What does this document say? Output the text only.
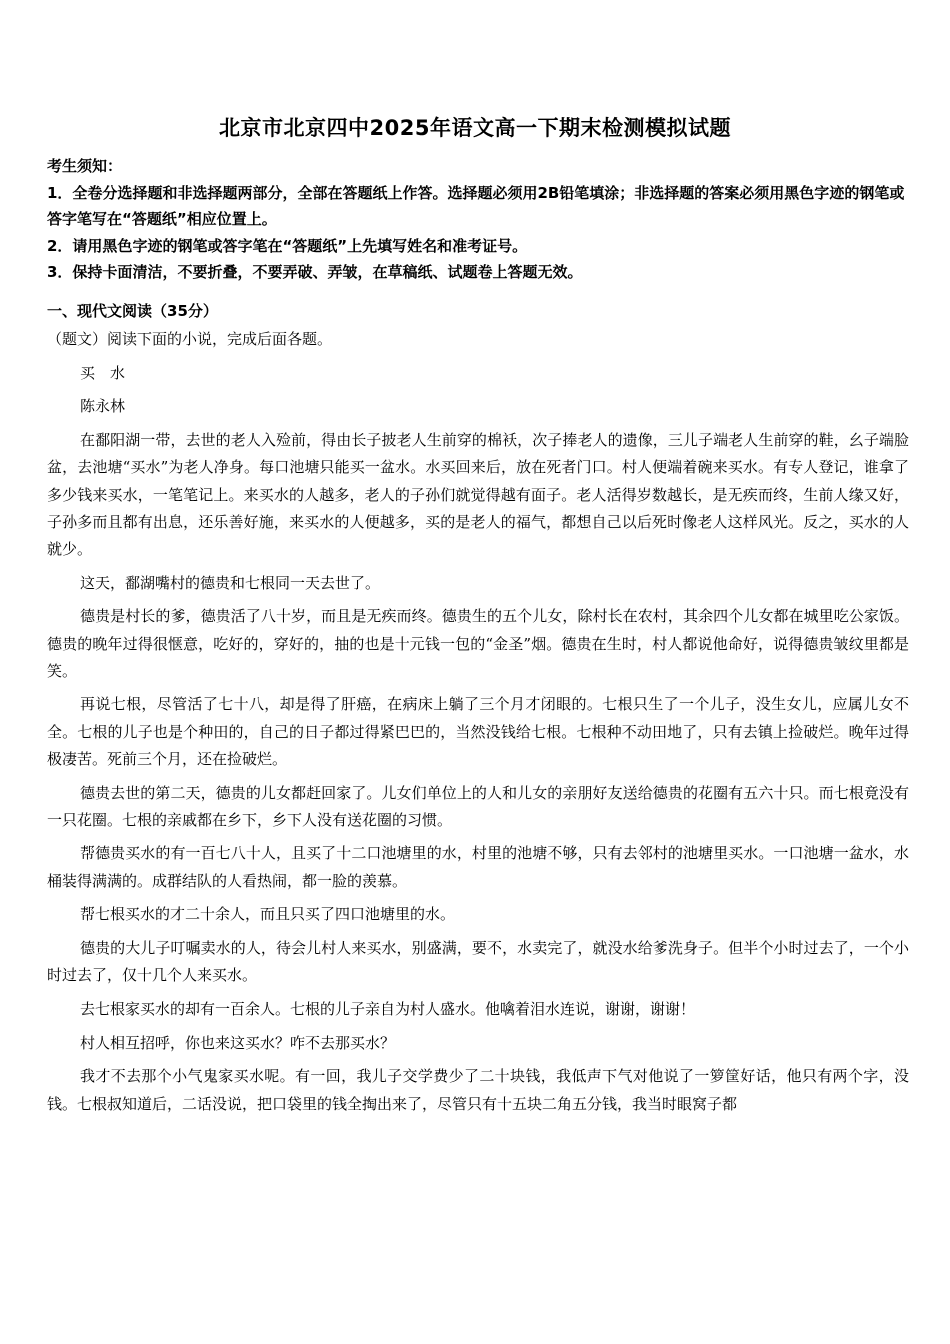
北京市北京四中2025年语文高一下期末检测模拟试题
考生须知：
1．全卷分选择题和非选择题两部分，全部在答题纸上作答。选择题必须用2B铅笔填涂；非选择题的答案必须用黑色字迹的钢笔或答字笔写在“答题纸”相应位置上。
2．请用黑色字迹的钢笔或答字笔在“答题纸”上先填写姓名和准考证号。
3．保持卡面清洁，不要折叠，不要弄破、弄皱，在草稿纸、试题卷上答题无效。
一、现代文阅读（35分）

（题文）阅读下面的小说，完成后面各题。

买　水

陈永林

在鄱阳湖一带，去世的老人入殓前，得由长子披老人生前穿的棉袄，次子捧老人的遗像，三儿子端老人生前穿的鞋，幺子端脸盆，去池塘“买水”为老人净身。每口池塘只能买一盆水。水买回来后，放在死者门口。村人便端着碗来买水。有专人登记，谁拿了多少钱来买水，一笔笔记上。来买水的人越多，老人的子孙们就觉得越有面子。老人活得岁数越长，是无疾而终，生前人缘又好，子孙多而且都有出息，还乐善好施，来买水的人便越多，买的是老人的福气，都想自己以后死时像老人这样风光。反之，买水的人就少。

这天，鄱湖嘴村的德贵和七根同一天去世了。

德贵是村长的爹，德贵活了八十岁，而且是无疾而终。德贵生的五个儿女，除村长在农村，其余四个儿女都在城里吃公家饭。德贵的晚年过得很惬意，吃好的，穿好的，抽的也是十元钱一包的“金圣”烟。德贵在生时，村人都说他命好，说得德贵皱纹里都是笑。

再说七根，尽管活了七十八，却是得了肝癌，在病床上躺了三个月才闭眼的。七根只生了一个儿子，没生女儿，应属儿女不全。七根的儿子也是个种田的，自己的日子都过得紧巴巴的，当然没钱给七根。七根种不动田地了，只有去镇上捡破烂。晚年过得极凄苦。死前三个月，还在捡破烂。

德贵去世的第二天，德贵的儿女都赶回家了。儿女们单位上的人和儿女的亲朋好友送给德贵的花圈有五六十只。而七根竟没有一只花圈。七根的亲戚都在乡下，乡下人没有送花圈的习惯。

帮德贵买水的有一百七八十人，且买了十二口池塘里的水，村里的池塘不够，只有去邻村的池塘里买水。一口池塘一盆水，水桶装得满满的。成群结队的人看热闹，都一脸的羡慕。

帮七根买水的才二十余人，而且只买了四口池塘里的水。

德贵的大儿子叮嘱卖水的人，待会儿村人来买水，别盛满，要不，水卖完了，就没水给爹洗身子。但半个小时过去了，一个小时过去了，仅十几个人来买水。

去七根家买水的却有一百余人。七根的儿子亲自为村人盛水。他噙着泪水连说，谢谢，谢谢！

村人相互招呼，你也来这买水？咋不去那买水？

我才不去那个小气鬼家买水呢。有一回，我儿子交学费少了二十块钱，我低声下气对他说了一箩筐好话，他只有两个字，没钱。七根叔知道后，二话没说，把口袋里的钱全掏出来了，尽管只有十五块二角五分钱，我当时眼窝子都
